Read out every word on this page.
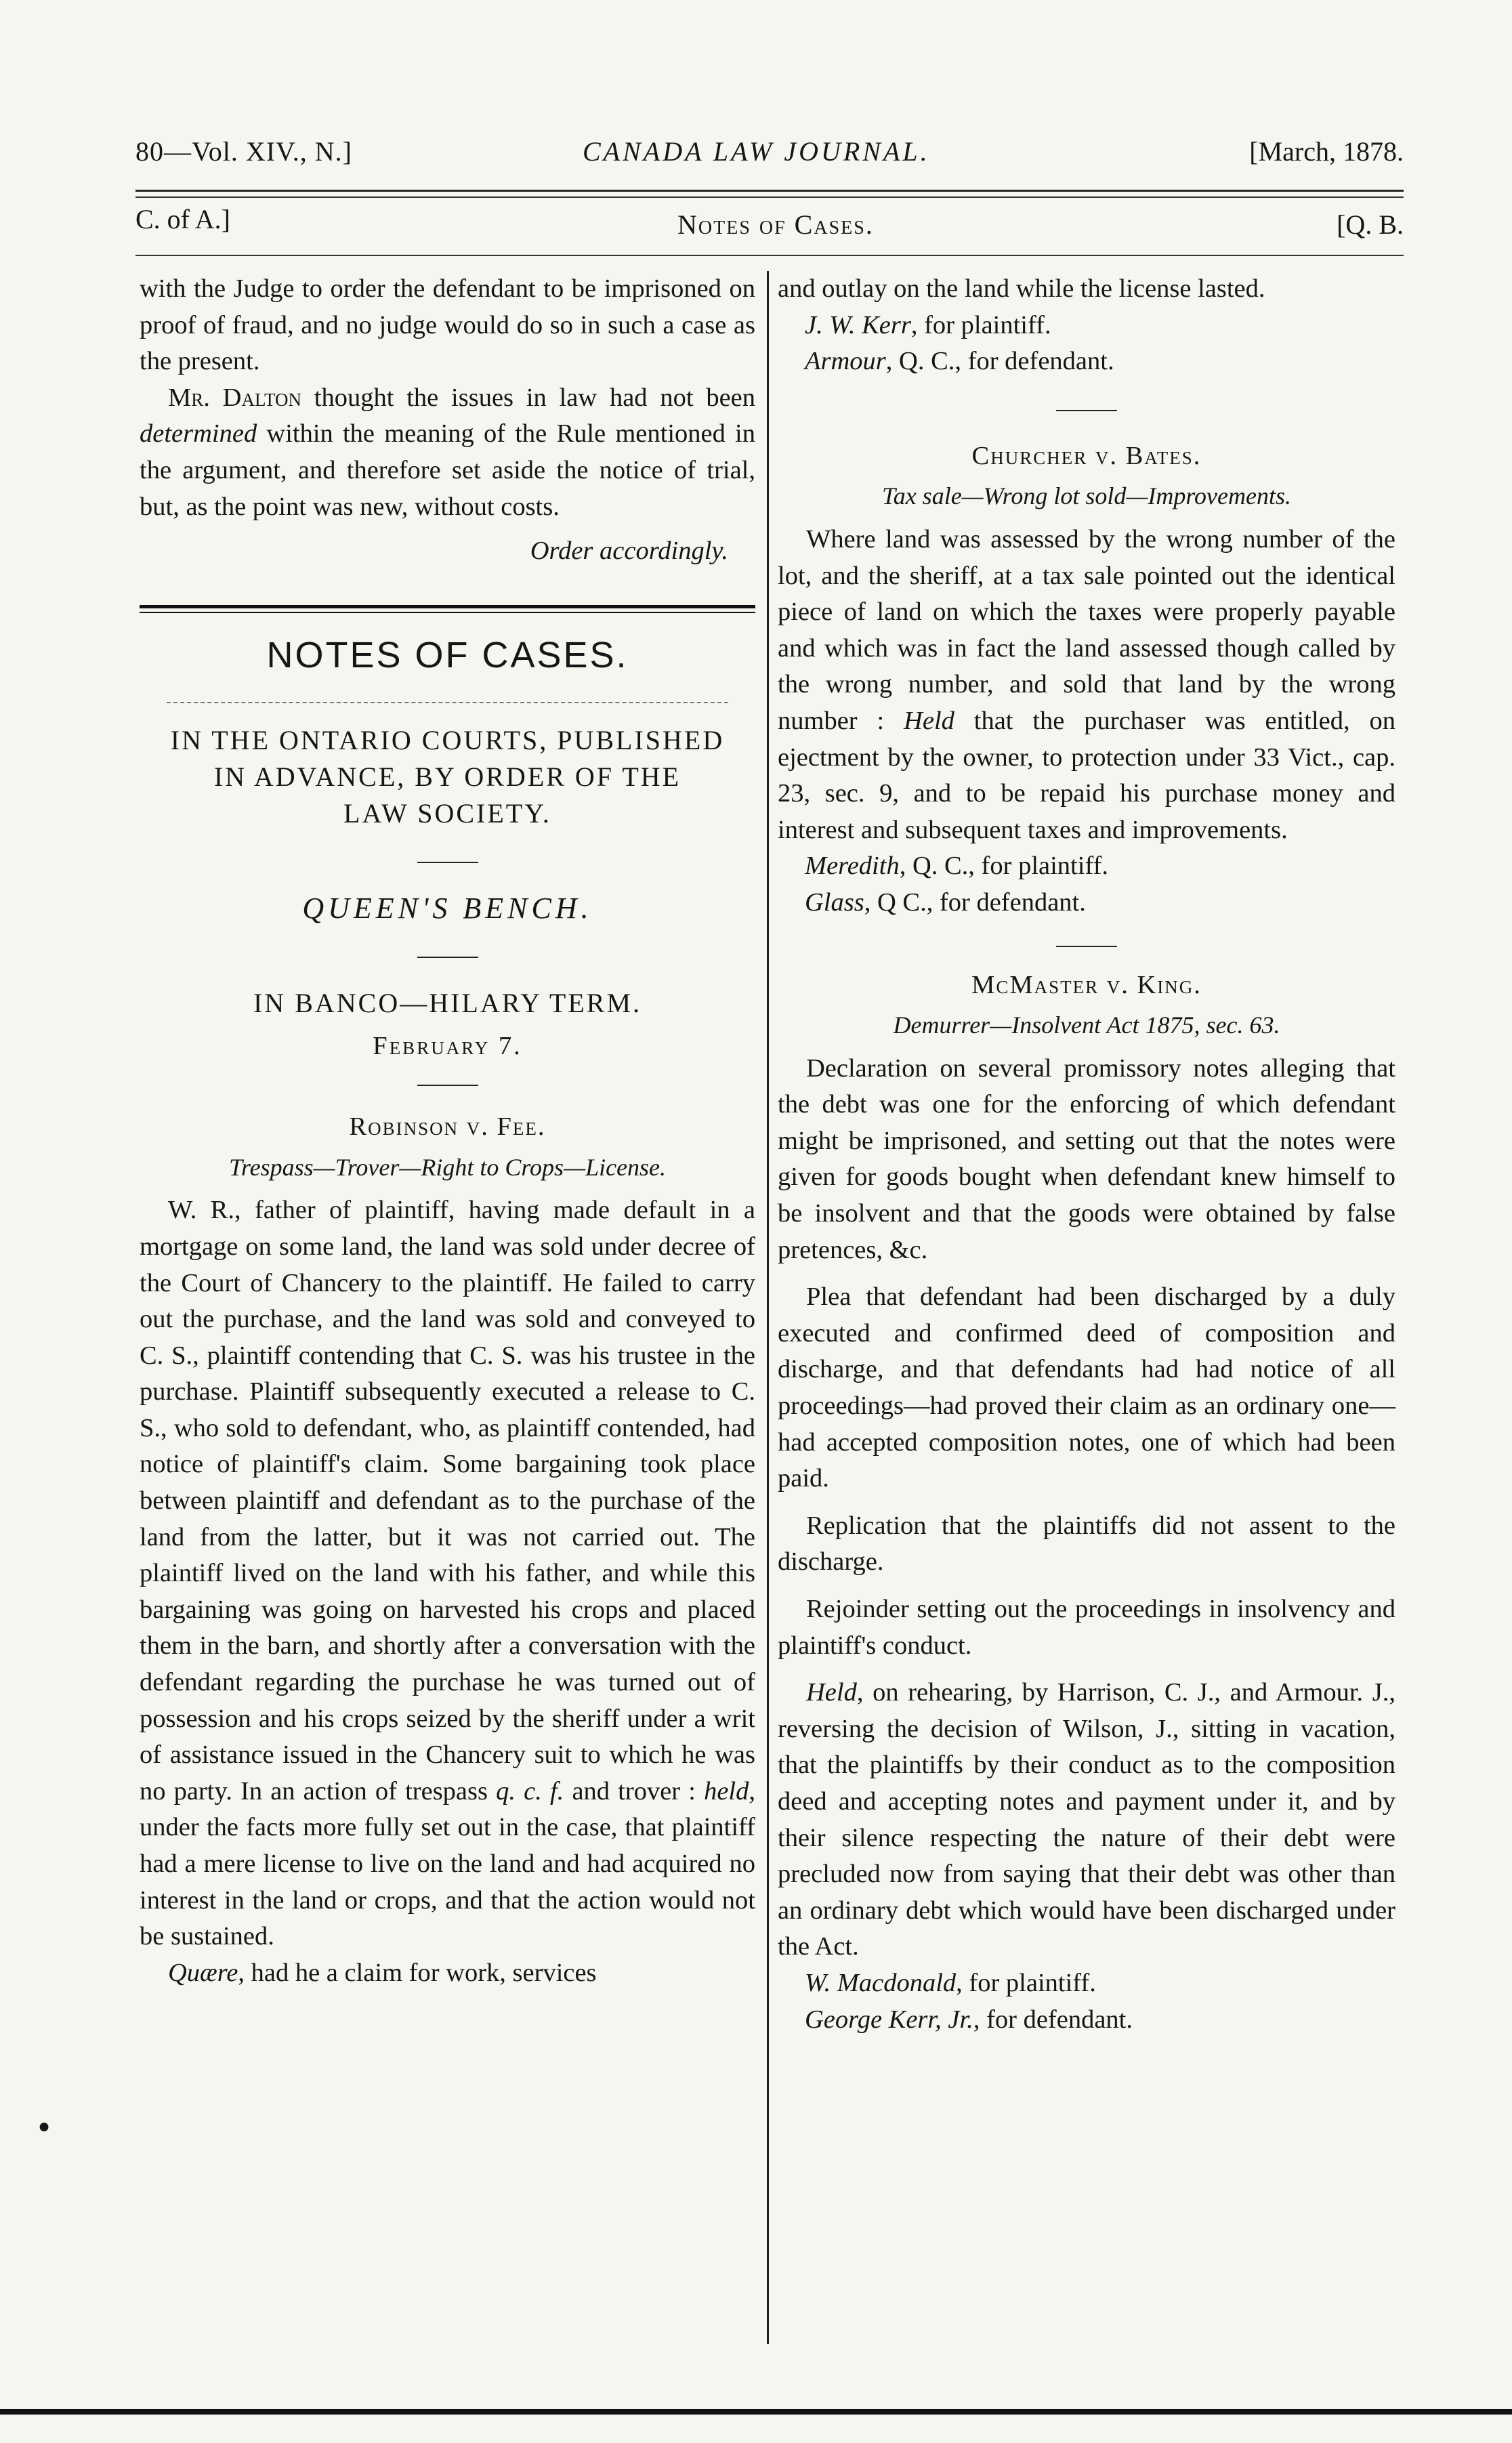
80—Vol. XIV., N.]	CANADA LAW JOURNAL.	[March, 1878.
C. of A.]	Notes of Cases.	[Q. B.

with the Judge to order the defendant to be imprisoned on proof of fraud, and no judge would do so in such a case as the present.

Mr. Dalton thought the issues in law had not been determined within the meaning of the Rule mentioned in the argument, and therefore set aside the notice of trial, but, as the point was new, without costs.

Order accordingly.

NOTES OF CASES.
IN THE ONTARIO COURTS, PUBLISHED
IN ADVANCE, BY ORDER OF THE
LAW SOCIETY.
QUEEN'S BENCH.
IN BANCO—HILARY TERM.
February 7.
Robinson v. Fee.
Trespass—Trover—Right to Crops—License.

W. R., father of plaintiff, having made default in a mortgage on some land, the land was sold under decree of the Court of Chancery to the plaintiff. He failed to carry out the purchase, and the land was sold and conveyed to C. S., plaintiff contending that C. S. was his trustee in the purchase. Plaintiff subsequently executed a release to C. S., who sold to defendant, who, as plaintiff contended, had notice of plaintiff's claim. Some bargaining took place between plaintiff and defendant as to the purchase of the land from the latter, but it was not carried out. The plaintiff lived on the land with his father, and while this bargaining was going on harvested his crops and placed them in the barn, and shortly after a conversation with the defendant regarding the purchase he was turned out of possession and his crops seized by the sheriff under a writ of assistance issued in the Chancery suit to which he was no party. In an action of trespass q. c. f. and trover : held, under the facts more fully set out in the case, that plaintiff had a mere license to live on the land and had acquired no interest in the land or crops, and that the action would not be sustained.

Quære, had he a claim for work, services

and outlay on the land while the license lasted.

J. W. Kerr, for plaintiff.

Armour, Q. C., for defendant.

Churcher v. Bates.
Tax sale—Wrong lot sold—Improvements.

Where land was assessed by the wrong number of the lot, and the sheriff, at a tax sale pointed out the identical piece of land on which the taxes were properly payable and which was in fact the land assessed though called by the wrong number, and sold that land by the wrong number : Held that the purchaser was entitled, on ejectment by the owner, to protection under 33 Vict., cap. 23, sec. 9, and to be repaid his purchase money and interest and subsequent taxes and improvements.

Meredith, Q. C., for plaintiff.

Glass, Q C., for defendant.

McMaster v. King.
Demurrer—Insolvent Act 1875, sec. 63.

Declaration on several promissory notes alleging that the debt was one for the enforcing of which defendant might be imprisoned, and setting out that the notes were given for goods bought when defendant knew himself to be insolvent and that the goods were obtained by false pretences, &c.

Plea that defendant had been discharged by a duly executed and confirmed deed of composition and discharge, and that defendants had had notice of all proceedings—had proved their claim as an ordinary one—had accepted composition notes, one of which had been paid.

Replication that the plaintiffs did not assent to the discharge.

Rejoinder setting out the proceedings in insolvency and plaintiff's conduct.

Held, on rehearing, by Harrison, C. J., and Armour. J., reversing the decision of Wilson, J., sitting in vacation, that the plaintiffs by their conduct as to the composition deed and accepting notes and payment under it, and by their silence respecting the nature of their debt were precluded now from saying that their debt was other than an ordinary debt which would have been discharged under the Act.

W. Macdonald, for plaintiff.

George Kerr, Jr., for defendant.

●
